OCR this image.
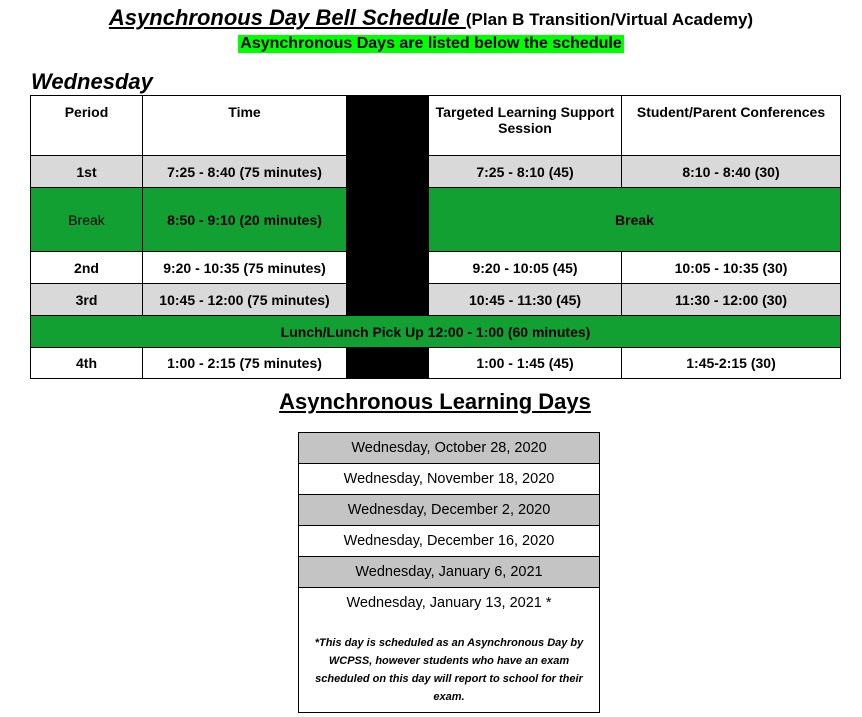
Asynchronous Day Bell Schedule (Plan B Transition/Virtual Academy)
Asynchronous Days are listed below the schedule
Wednesday
Period	Time		Targeted Learning Support Session	Student/Parent Conferences
1st	7:25 - 8:40 (75 minutes)		7:25 - 8:10 (45)	8:10 - 8:40 (30)
Break	8:50 - 9:10 (20 minutes)		Break	
2nd	9:20 - 10:35 (75 minutes)		9:20 - 10:05 (45)	10:05 - 10:35 (30)
3rd	10:45 - 12:00 (75 minutes)		10:45 - 11:30 (45)	11:30 - 12:00 (30)
Lunch/Lunch Pick Up 12:00 - 1:00 (60 minutes)				
4th	1:00 - 2:15 (75 minutes)		1:00 - 1:45 (45)	1:45-2:15 (30)
Asynchronous Learning Days
Wednesday, October 28, 2020
Wednesday, November 18, 2020
Wednesday, December 2, 2020
Wednesday, December 16, 2020
Wednesday, January 6, 2021
Wednesday, January 13, 2021 *
*This day is scheduled as an Asynchronous Day by WCPSS, however students who have an exam scheduled on this day will report to school for their exam.
